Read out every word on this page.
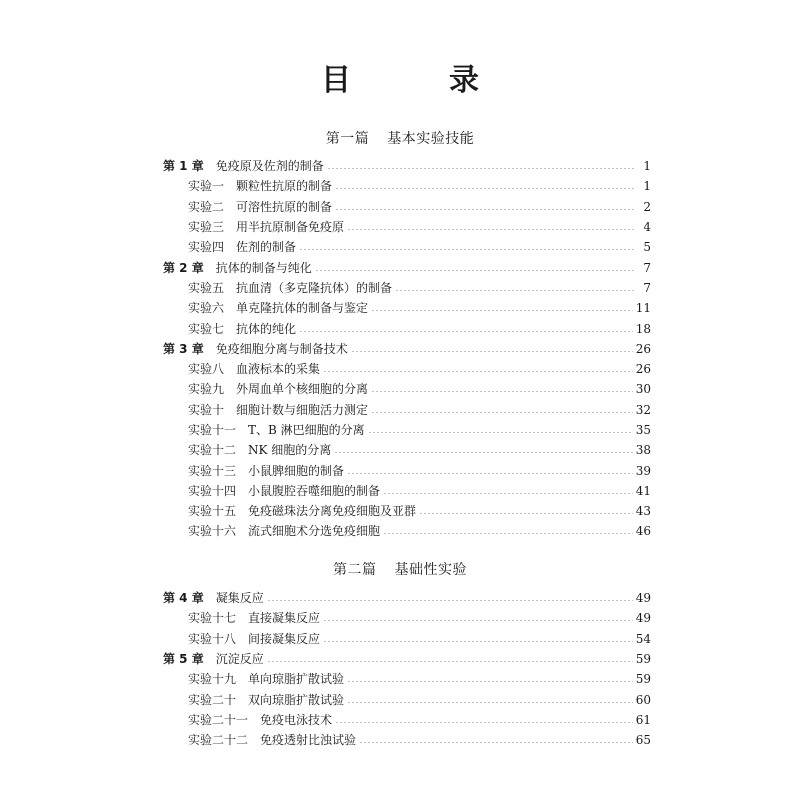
目　录
第一篇 基本实验技能
第 1 章 免疫原及佐剂的制备	1
实验一 颗粒性抗原的制备	1
实验二 可溶性抗原的制备	2
实验三 用半抗原制备免疫原	4
实验四 佐剂的制备	5
第 2 章 抗体的制备与纯化	7
实验五 抗血清（多克隆抗体）的制备	7
实验六 单克隆抗体的制备与鉴定	11
实验七 抗体的纯化	18
第 3 章 免疫细胞分离与制备技术	26
实验八 血液标本的采集	26
实验九 外周血单个核细胞的分离	30
实验十 细胞计数与细胞活力测定	32
实验十一 T、B 淋巴细胞的分离	35
实验十二 NK 细胞的分离	38
实验十三 小鼠脾细胞的制备	39
实验十四 小鼠腹腔吞噬细胞的制备	41
实验十五 免疫磁珠法分离免疫细胞及亚群	43
实验十六 流式细胞术分选免疫细胞	46
第二篇 基础性实验
第 4 章 凝集反应	49
实验十七 直接凝集反应	49
实验十八 间接凝集反应	54
第 5 章 沉淀反应	59
实验十九 单向琼脂扩散试验	59
实验二十 双向琼脂扩散试验	60
实验二十一 免疫电泳技术	61
实验二十二 免疫透射比浊试验	65
